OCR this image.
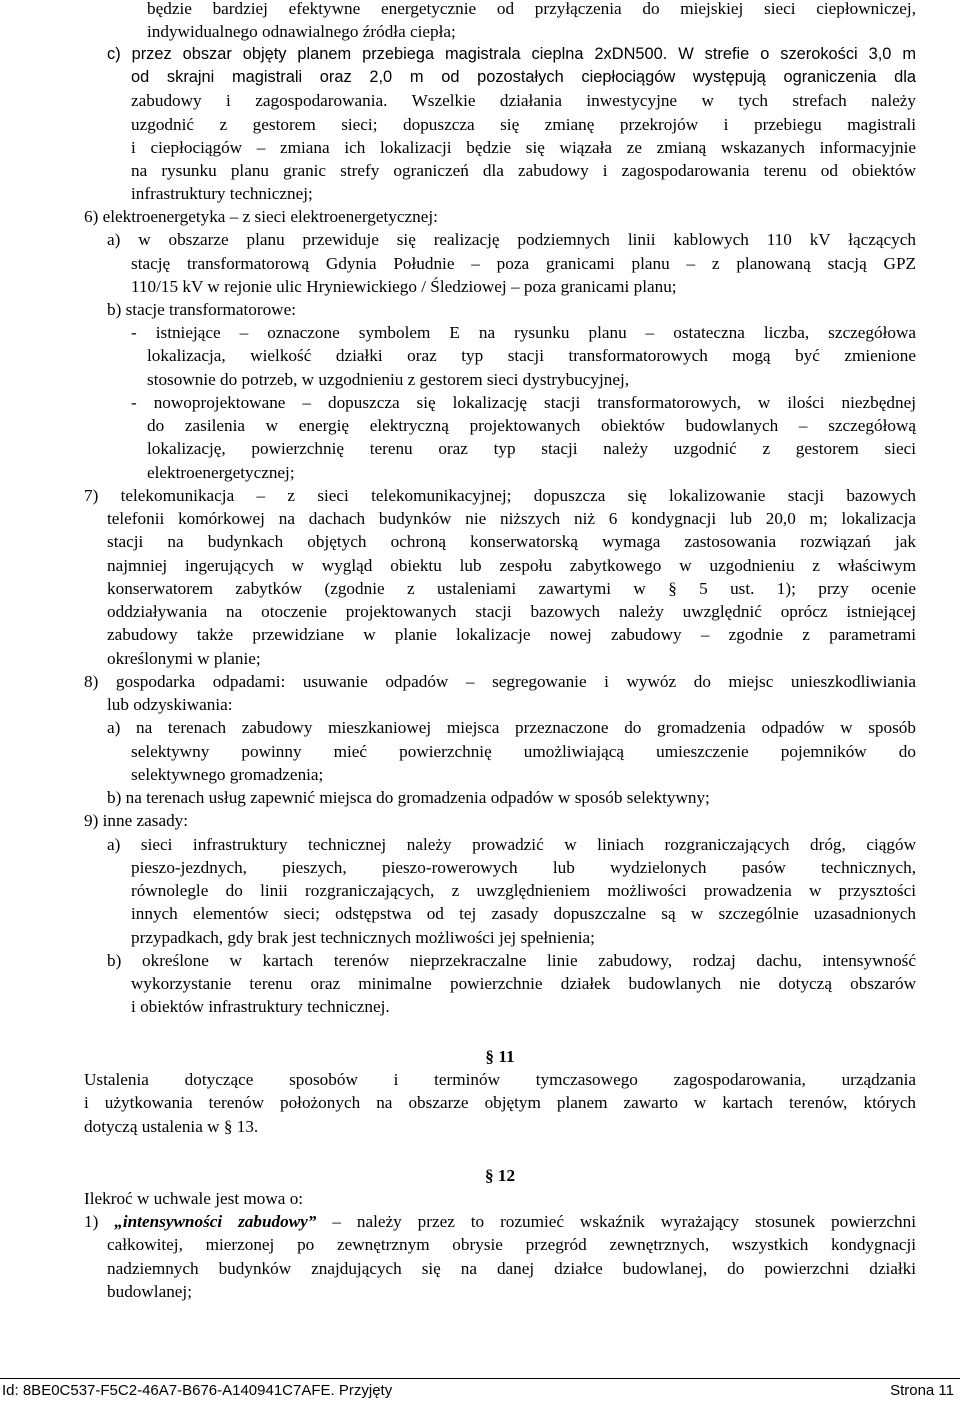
będzie bardziej efektywne energetycznie od przyłączenia do miejskiej sieci ciepłowniczej,
indywidualnego odnawialnego źródła ciepła;
c) przez obszar objęty planem przebiega magistrala cieplna 2xDN500. W strefie o szerokości 3,0 m
od skrajni magistrali oraz 2,0 m od pozostałych ciepłociągów występują ograniczenia dla
zabudowy i zagospodarowania. Wszelkie działania inwestycyjne w tych strefach należy
uzgodnić z gestorem sieci; dopuszcza się zmianę przekrojów i przebiegu magistrali
i ciepłociągów – zmiana ich lokalizacji będzie się wiązała ze zmianą wskazanych informacyjnie
na rysunku planu granic strefy ograniczeń dla zabudowy i zagospodarowania terenu od obiektów
infrastruktury technicznej;
6) elektroenergetyka – z sieci elektroenergetycznej:
a) w obszarze planu przewiduje się realizację podziemnych linii kablowych 110 kV łączących
stację transformatorową Gdynia Południe – poza granicami planu – z planowaną stacją GPZ
110/15 kV w rejonie ulic Hryniewickiego / Śledziowej – poza granicami planu;
b) stacje transformatorowe:
- istniejące – oznaczone symbolem E na rysunku planu – ostateczna liczba, szczegółowa
lokalizacja, wielkość działki oraz typ stacji transformatorowych mogą być zmienione
stosownie do potrzeb, w uzgodnieniu z gestorem sieci dystrybucyjnej,
- nowoprojektowane – dopuszcza się lokalizację stacji transformatorowych, w ilości niezbędnej
do zasilenia w energię elektryczną projektowanych obiektów budowlanych – szczegółową
lokalizację, powierzchnię terenu oraz typ stacji należy uzgodnić z gestorem sieci
elektroenergetycznej;
7) telekomunikacja – z sieci telekomunikacyjnej; dopuszcza się lokalizowanie stacji bazowych
telefonii komórkowej na dachach budynków nie niższych niż 6 kondygnacji lub 20,0 m; lokalizacja
stacji na budynkach objętych ochroną konserwatorską wymaga zastosowania rozwiązań jak
najmniej ingerujących w wygląd obiektu lub zespołu zabytkowego w uzgodnieniu z właściwym
konserwatorem zabytków (zgodnie z ustaleniami zawartymi w § 5 ust. 1); przy ocenie
oddziaływania na otoczenie projektowanych stacji bazowych należy uwzględnić oprócz istniejącej
zabudowy także przewidziane w planie lokalizacje nowej zabudowy – zgodnie z parametrami
określonymi w planie;
8) gospodarka odpadami: usuwanie odpadów – segregowanie i wywóz do miejsc unieszkodliwiania
lub odzyskiwania:
a) na terenach zabudowy mieszkaniowej miejsca przeznaczone do gromadzenia odpadów w sposób
selektywny powinny mieć powierzchnię umożliwiającą umieszczenie pojemników do
selektywnego gromadzenia;
b) na terenach usług zapewnić miejsca do gromadzenia odpadów w sposób selektywny;
9) inne zasady:
a) sieci infrastruktury technicznej należy prowadzić w liniach rozgraniczających dróg, ciągów
pieszo-jezdnych, pieszych, pieszo-rowerowych lub wydzielonych pasów technicznych,
równolegle do linii rozgraniczających, z uwzględnieniem możliwości prowadzenia w przysztości
innych elementów sieci; odstępstwa od tej zasady dopuszczalne są w szczególnie uzasadnionych
przypadkach, gdy brak jest technicznych możliwości jej spełnienia;
b) określone w kartach terenów nieprzekraczalne linie zabudowy, rodzaj dachu, intensywność
wykorzystanie terenu oraz minimalne powierzchnie działek budowlanych nie dotyczą obszarów
i obiektów infrastruktury technicznej.
§ 11
Ustalenia dotyczące sposobów i terminów tymczasowego zagospodarowania, urządzania
i użytkowania terenów położonych na obszarze objętym planem zawarto w kartach terenów, których
dotyczą ustalenia w § 13.
§ 12
Ilekroć w uchwale jest mowa o:
1) „intensywności zabudowy” – należy przez to rozumieć wskaźnik wyrażający stosunek powierzchni
całkowitej, mierzonej po zewnętrznym obrysie przegród zewnętrznych, wszystkich kondygnacji
nadziemnych budynków znajdujących się na danej działce budowlanej, do powierzchni działki
budowlanej;
Id: 8BE0C537-F5C2-46A7-B676-A140941C7AFE. Przyjęty	Strona 11
